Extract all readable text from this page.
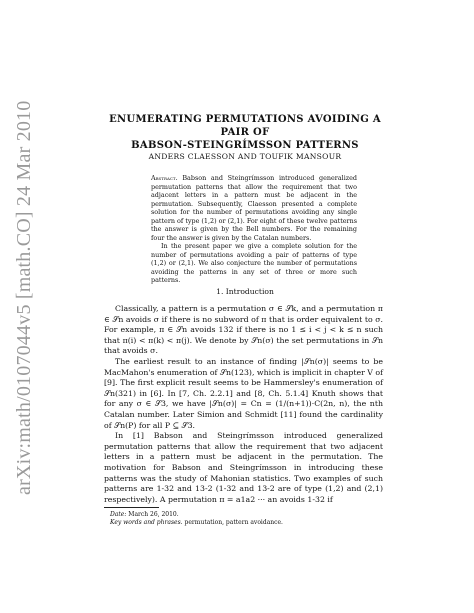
arXiv:math/0107044v5 [math.CO] 24 Mar 2010	ENUMERATING PERMUTATIONS AVOIDING A PAIR OF
BABSON-STEINGRÍMSSON PATTERNS
ANDERS CLAESSON AND TOUFIK MANSOUR

Abstract. Babson and Steingrímsson introduced generalized permutation patterns that allow the requirement that two adjacent letters in a pattern must be adjacent in the permutation. Subsequently, Claesson presented a complete solution for the number of permutations avoiding any single pattern of type (1,2) or (2,1). For eight of these twelve patterns the answer is given by the Bell numbers. For the remaining four the answer is given by the Catalan numbers.

In the present paper we give a complete solution for the number of permutations avoiding a pair of patterns of type (1,2) or (2,1). We also conjecture the number of permutations avoiding the patterns in any set of three or more such patterns.

1. Introduction

Classically, a pattern is a permutation σ ∈ 𝒮k, and a permutation π ∈ 𝒮n avoids σ if there is no subword of π that is order equivalent to σ. For example, π ∈ 𝒮n avoids 132 if there is no 1 ≤ i < j < k ≤ n such that π(i) < π(k) < π(j). We denote by 𝒮n(σ) the set permutations in 𝒮n that avoids σ.

The earliest result to an instance of finding |𝒮n(σ)| seems to be MacMahon's enumeration of 𝒮n(123), which is implicit in chapter V of [9]. The first explicit result seems to be Hammersley's enumeration of 𝒮n(321) in [6]. In [7, Ch. 2.2.1] and [8, Ch. 5.1.4] Knuth shows that for any σ ∈ 𝒮3, we have |𝒮n(σ)| = Cn = (1/(n+1))·C(2n, n), the nth Catalan number. Later Simion and Schmidt [11] found the cardinality of 𝒮n(P) for all P ⊆ 𝒮3.

In [1] Babson and Steingrímsson introduced generalized permutation patterns that allow the requirement that two adjacent letters in a pattern must be adjacent in the permutation. The motivation for Babson and Steingrímsson in introducing these patterns was the study of Mahonian statistics. Two examples of such patterns are 1-32 and 13-2 (1-32 and 13-2 are of type (1,2) and (2,1) respectively). A permutation π = a1a2 ··· an avoids 1-32 if

Date: March 26, 2010.
Key words and phrases. permutation, pattern avoidance.
